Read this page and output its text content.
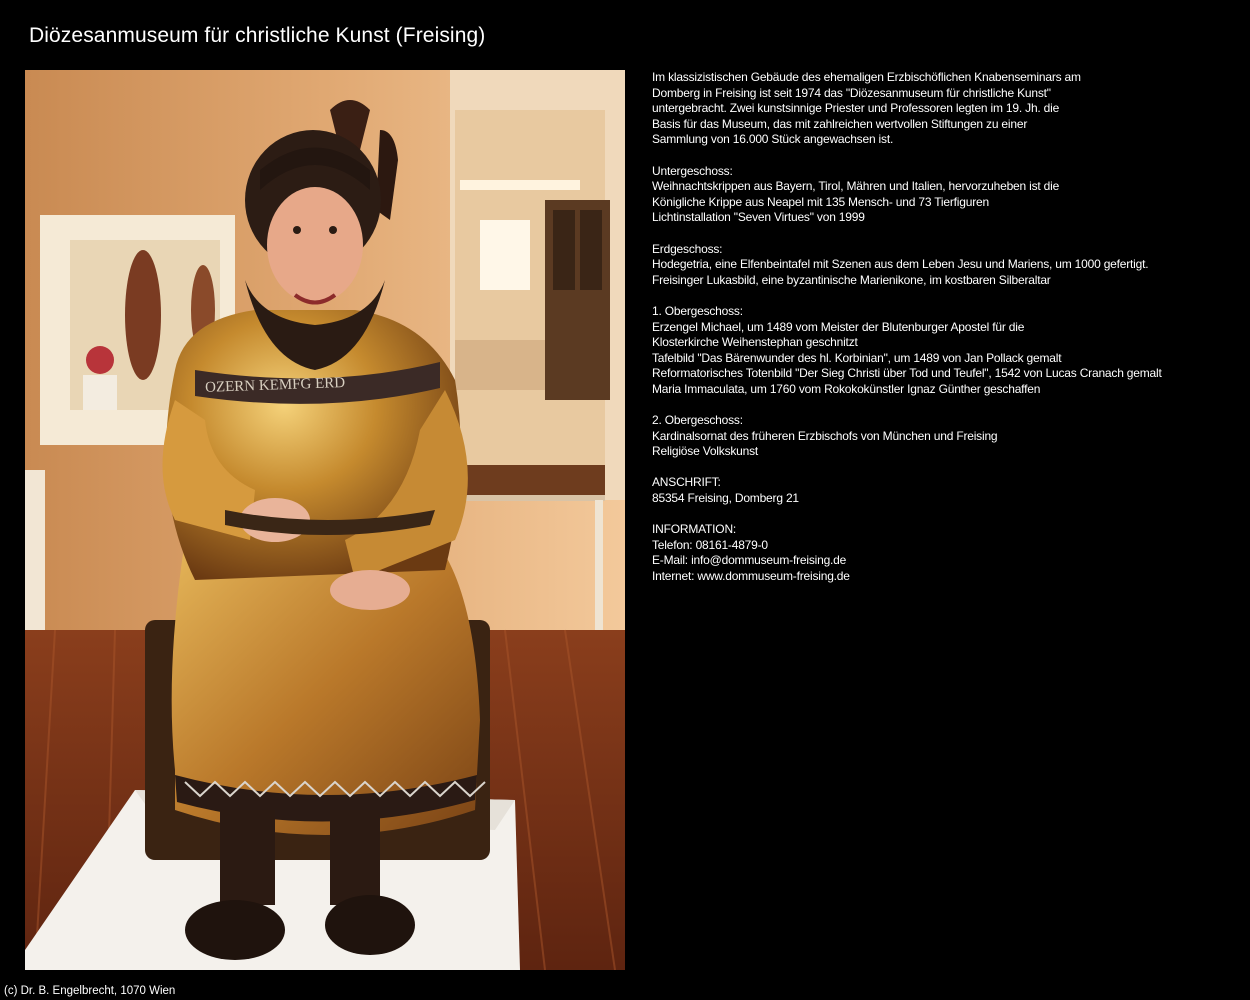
Diözesanmuseum für christliche Kunst (Freising)
OZERN KEMFG ERD

Im klassizistischen Gebäude des ehemaligen Erzbischöflichen Knabenseminars am
Domberg in Freising ist seit 1974 das "Diözesanmuseum für christliche Kunst"
untergebracht. Zwei kunstsinnige Priester und Professoren legten im 19. Jh. die
Basis für das Museum, das mit zahlreichen wertvollen Stiftungen zu einer
Sammlung von 16.000 Stück angewachsen ist.

Untergeschoss:
Weihnachtskrippen aus Bayern, Tirol, Mähren und Italien, hervorzuheben ist die
Königliche Krippe aus Neapel mit 135 Mensch- und 73 Tierfiguren
Lichtinstallation "Seven Virtues" von 1999

Erdgeschoss:
Hodegetria, eine Elfenbeintafel mit Szenen aus dem Leben Jesu und Mariens, um 1000 gefertigt.
Freisinger Lukasbild, eine byzantinische Marienikone, im kostbaren Silberaltar

1. Obergeschoss:
Erzengel Michael, um 1489 vom Meister der Blutenburger Apostel für die
Klosterkirche Weihenstephan geschnitzt
Tafelbild "Das Bärenwunder des hl. Korbinian", um 1489 von Jan Pollack gemalt
Reformatorisches Totenbild "Der Sieg Christi über Tod und Teufel", 1542 von Lucas Cranach gemalt
Maria Immaculata, um 1760 vom Rokokokünstler Ignaz Günther geschaffen

2. Obergeschoss:
Kardinalsornat des früheren Erzbischofs von München und Freising
Religiöse Volkskunst

ANSCHRIFT:
85354 Freising, Domberg 21

INFORMATION:
Telefon: 08161-4879-0
E-Mail: info@dommuseum-freising.de
Internet: www.dommuseum-freising.de

(c) Dr. B. Engelbrecht, 1070 Wien
